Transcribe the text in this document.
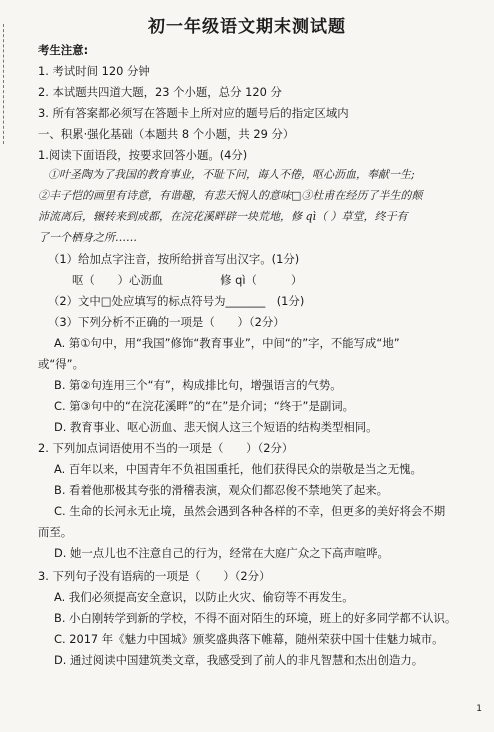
初一年级语文期末测试题
考生注意:
1. 考试时间 120 分钟
2. 本试题共四道大题，23 个小题，总分 120 分
3. 所有答案都必须写在答题卡上所对应的题号后的指定区域内
一、积累·强化基础（本题共 8 个小题，共 29 分）
1.阅读下面语段，按要求回答小题。(4分)
①叶圣陶为了我国的教育事业，不耻下问，诲人不倦，呕心沥血，奉献一生;
②丰子恺的画里有诗意，有谐趣，有悲天悯人的意味□③杜甫在经历了半生的颠
沛流离后，辗转来到成都，在浣花溪畔辟一块荒地，修 qì（ ）草堂，终于有
了一个栖身之所……
（1）给加点字注音，按所给拼音写出汉字。(1分)
呕（　　）心沥血　　　　　修 qì（　　　）
（2）文中□处应填写的标点符号为_______　(1分)
（3）下列分析不正确的一项是（　　）（2分）
A. 第①句中，用“我国”修饰“教育事业”，中间“的”字，不能写成“地”
或“得”。
B. 第②句连用三个“有”，构成排比句，增强语言的气势。
C. 第③句中的“在浣花溪畔”的“在”是介词；“终于”是副词。
D. 教育事业、呕心沥血、悲天悯人这三个短语的结构类型相同。
2. 下列加点词语使用不当的一项是（　　）（2分）
A. 百年以来，中国青年不负祖国重托，他们获得民众的崇敬是当之无愧。
B. 看着他那极其夸张的滑稽表演，观众们都忍俊不禁地笑了起来。
C. 生命的长河永无止境，虽然会遇到各种各样的不幸，但更多的美好将会不期
而至。
D. 她一点儿也不注意自己的行为，经常在大庭广众之下高声喧哗。
3. 下列句子没有语病的一项是（　　）（2分）
A. 我们必须提高安全意识，以防止火灾、偷窃等不再发生。
B. 小白刚转学到新的学校，不得不面对陌生的环境，班上的好多同学都不认识。
C. 2017 年《魅力中国城》颁奖盛典落下帷幕，随州荣获中国十佳魅力城市。
D. 通过阅读中国建筑类文章，我感受到了前人的非凡智慧和杰出创造力。
1
